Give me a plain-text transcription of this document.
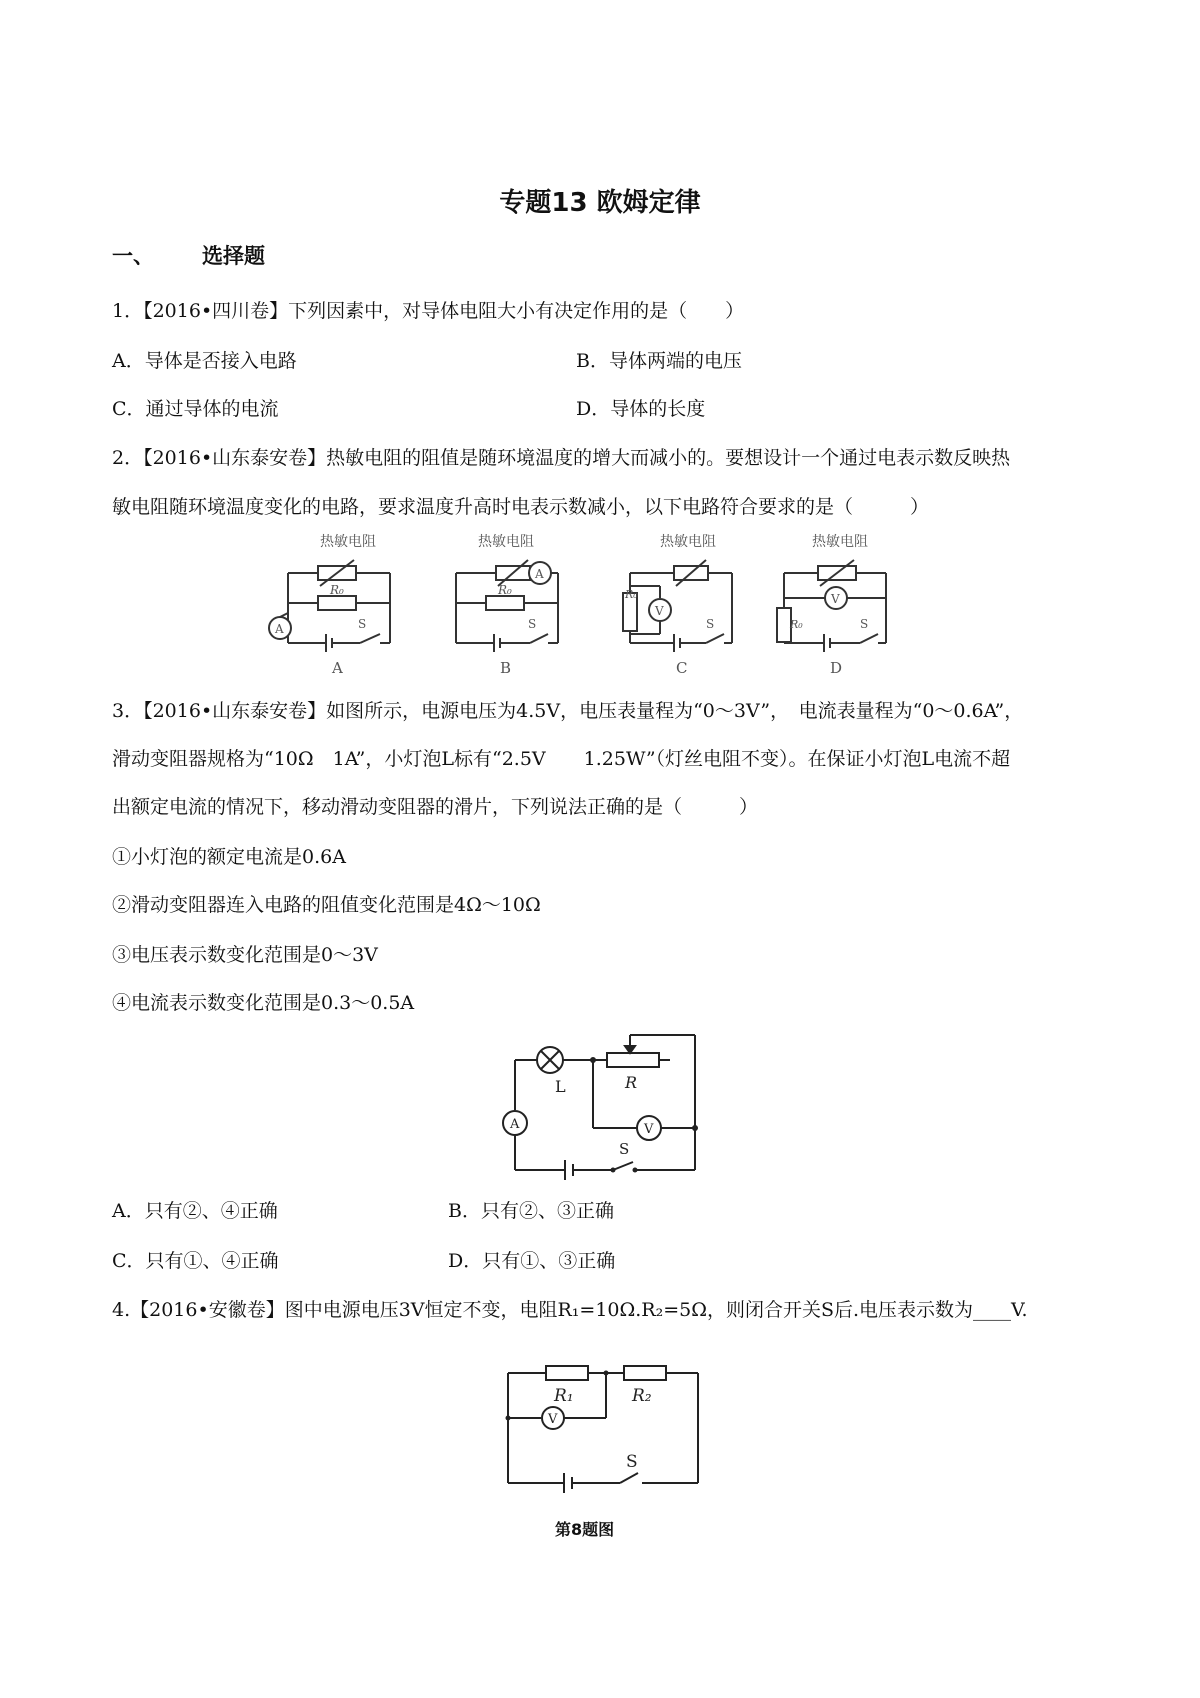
专题13 欧姆定律
一、 选择题
1．【2016•四川卷】下列因素中，对导体电阻大小有决定作用的是（　　）
A．导体是否接入电路	B．导体两端的电压
C．通过导体的电流	D．导体的长度
2．【2016•山东泰安卷】热敏电阻的阻值是随环境温度的增大而减小的。要想设计一个通过电表示数反映热
敏电阻随环境温度变化的电路，要求温度升高时电表示数减小，以下电路符合要求的是（　　　）
热敏电阻
R₀
A	S
A
热敏电阻
R₀
A
S
B
热敏电阻
R₀
V
S
C
热敏电阻
R₀
V
S
D
3．【2016•山东泰安卷】如图所示，电源电压为4.5V，电压表量程为“0～3V”，　电流表量程为“0～0.6A”，
滑动变阻器规格为“10Ω　1A”，小灯泡L标有“2.5V　　1.25W”（灯丝电阻不变）。在保证小灯泡L电流不超
出额定电流的情况下，移动滑动变阻器的滑片，下列说法正确的是（　　　）
①小灯泡的额定电流是0.6A
②滑动变阻器连入电路的阻值变化范围是4Ω～10Ω
③电压表示数变化范围是0～3V
④电流表示数变化范围是0.3～0.5A
L	R
V
A
S
A．只有②、④正确	B．只有②、③正确
C．只有①、④正确	D．只有①、③正确
4.【2016•安徽卷】图中电源电压3V恒定不变，电阻R₁=10Ω.R₂=5Ω，则闭合开关S后.电压表示数为____V.
R₁	R₂
V
S
第8题图
